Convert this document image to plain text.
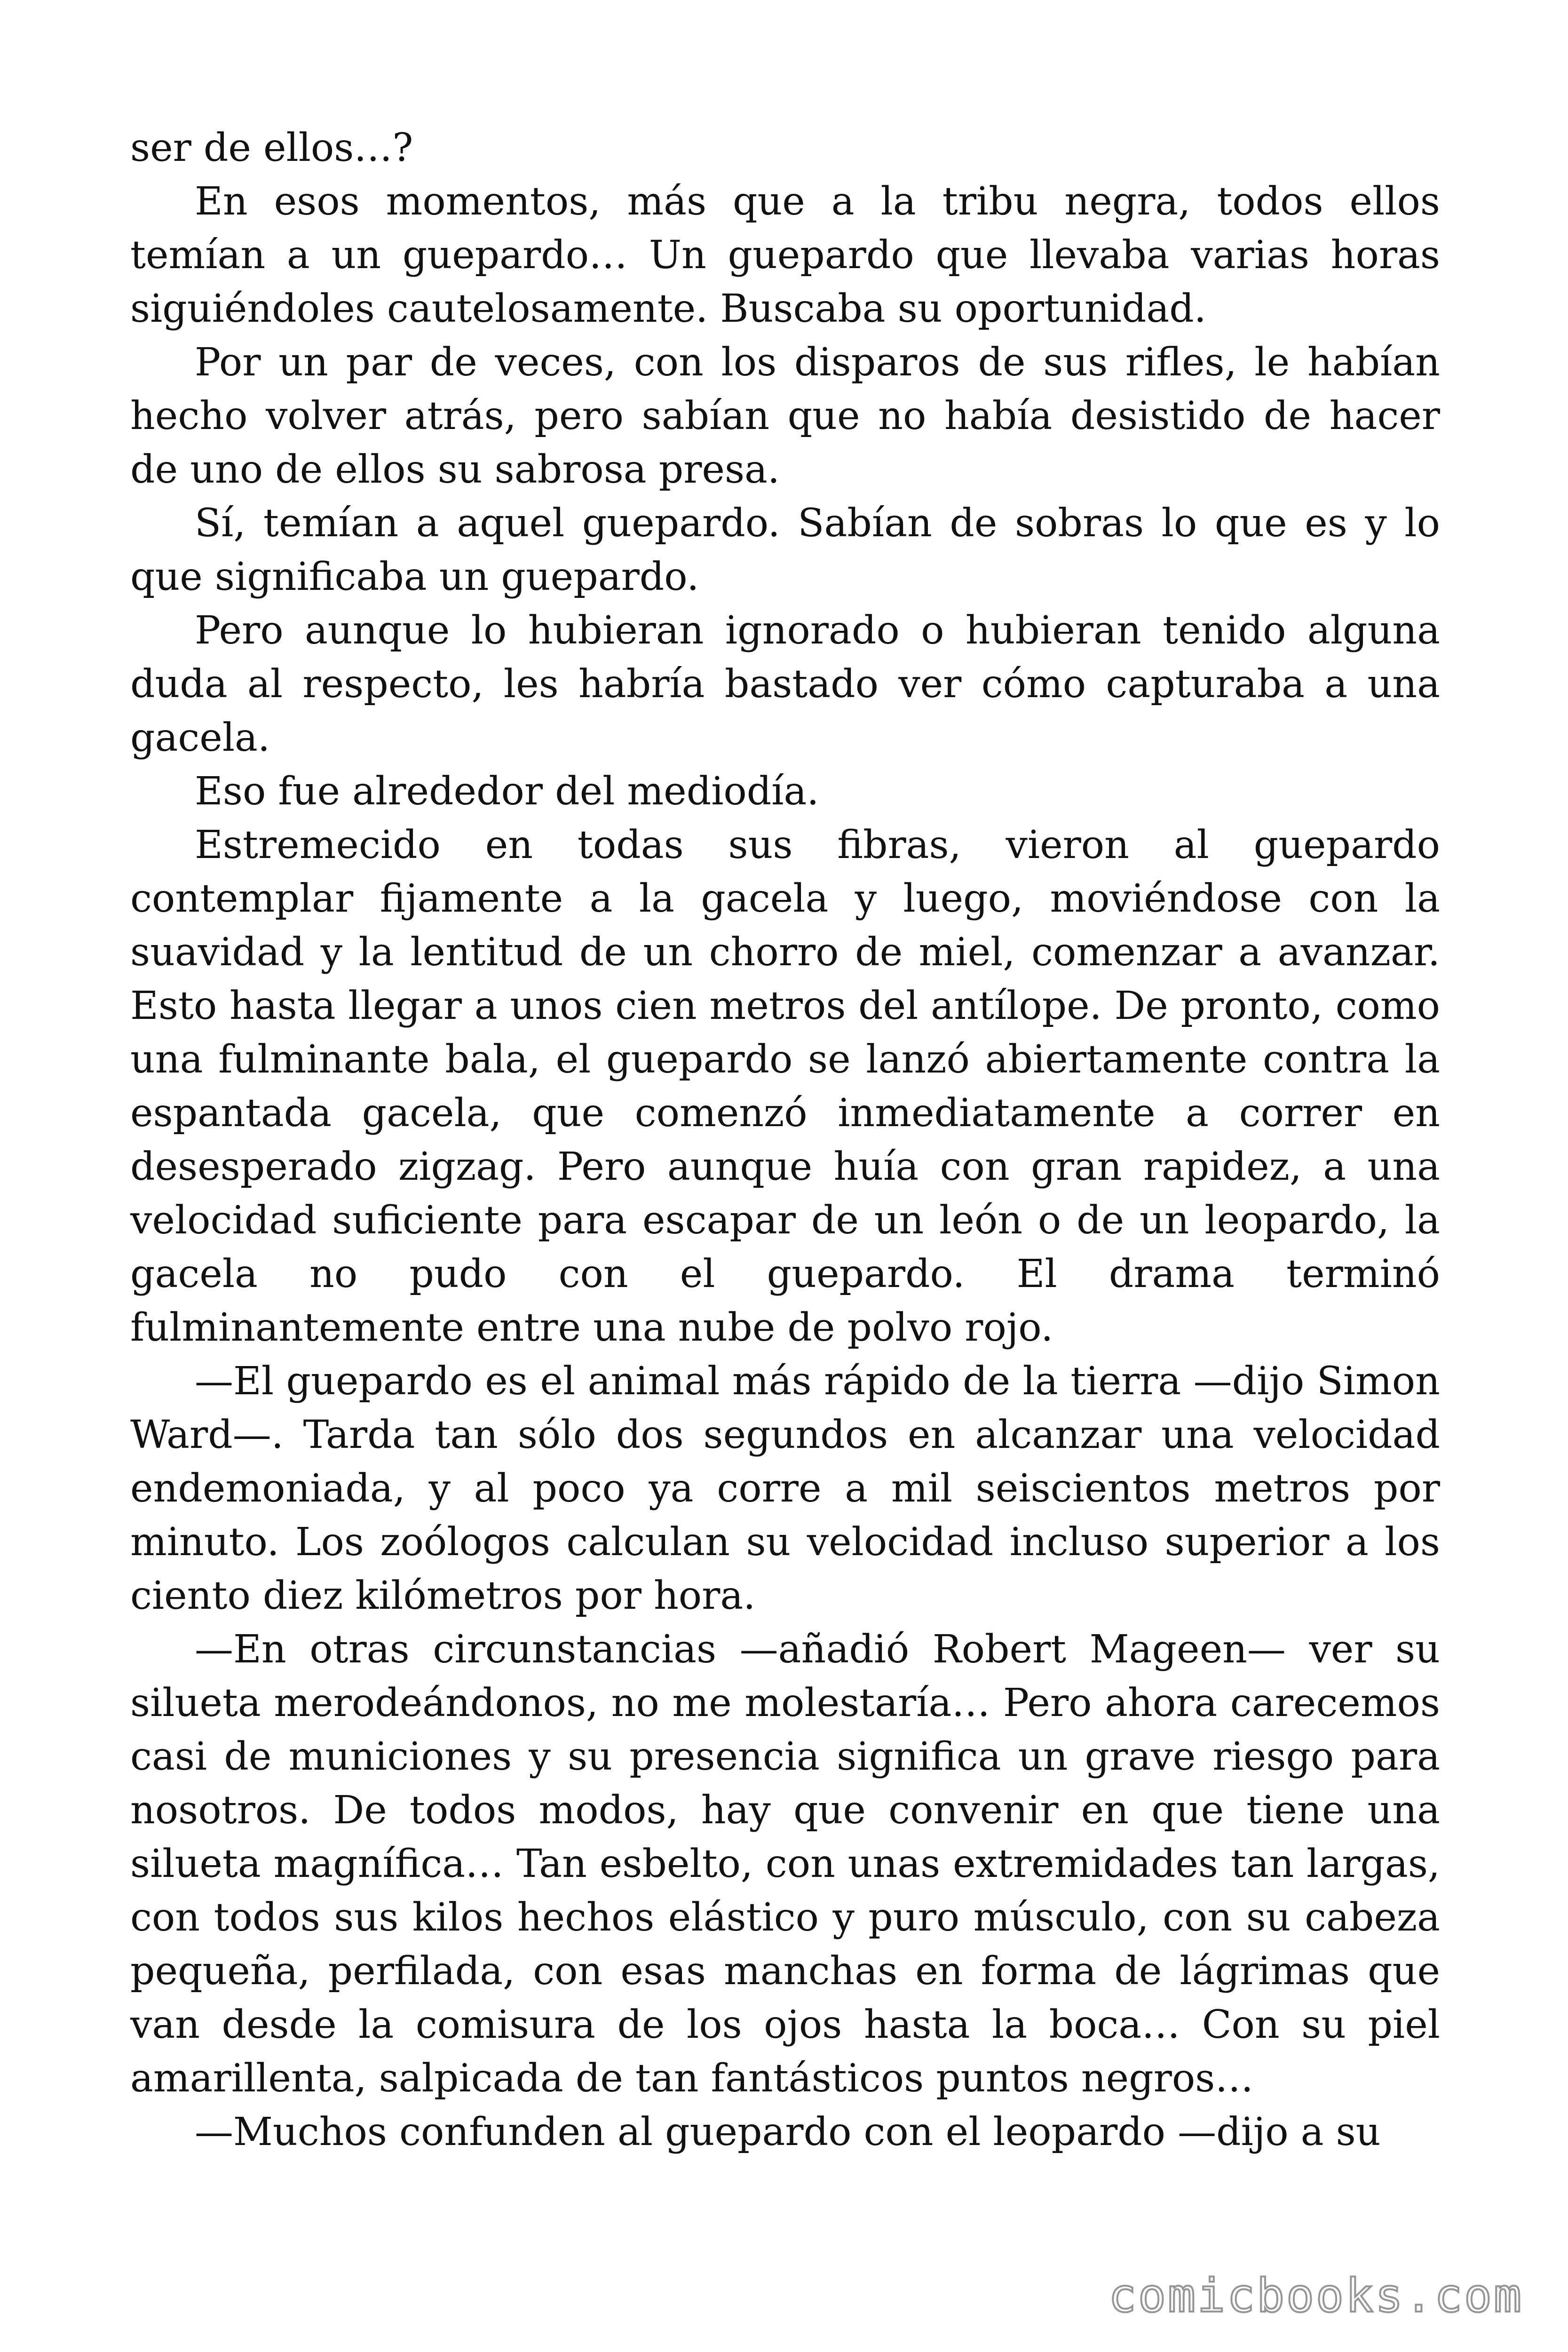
ser de ellos…?

En esos momentos, más que a la tribu negra, todos ellos temían a un guepardo… Un guepardo que llevaba varias horas siguiéndoles cautelosamente. Buscaba su oportunidad.

Por un par de veces, con los disparos de sus rifles, le habían hecho volver atrás, pero sabían que no había desistido de hacer de uno de ellos su sabrosa presa.

Sí, temían a aquel guepardo. Sabían de sobras lo que es y lo que significaba un guepardo.

Pero aunque lo hubieran ignorado o hubieran tenido alguna duda al respecto, les habría bastado ver cómo capturaba a una gacela.

Eso fue alrededor del mediodía.

Estremecido en todas sus fibras, vieron al guepardo contemplar fijamente a la gacela y luego, moviéndose con la suavidad y la lentitud de un chorro de miel, comenzar a avanzar. Esto hasta llegar a unos cien metros del antílope. De pronto, como una fulminante bala, el guepardo se lanzó abiertamente contra la espantada gacela, que comenzó inmediatamente a correr en desesperado zigzag. Pero aunque huía con gran rapidez, a una velocidad suficiente para escapar de un león o de un leopardo, la gacela no pudo con el guepardo. El drama terminó fulminantemente entre una nube de polvo rojo.

—El guepardo es el animal más rápido de la tierra —dijo Simon Ward—. Tarda tan sólo dos segundos en alcanzar una velocidad endemoniada, y al poco ya corre a mil seiscientos metros por minuto. Los zoólogos calculan su velocidad incluso superior a los ciento diez kilómetros por hora.

—En otras circunstancias —añadió Robert Mageen— ver su silueta merodeándonos, no me molestaría… Pero ahora carecemos casi de municiones y su presencia significa un grave riesgo para nosotros. De todos modos, hay que convenir en que tiene una silueta magnífica… Tan esbelto, con unas extremidades tan largas, con todos sus kilos hechos elástico y puro músculo, con su cabeza pequeña, perfilada, con esas manchas en forma de lágrimas que van desde la comisura de los ojos hasta la boca… Con su piel amarillenta, salpicada de tan fantásticos puntos negros…

—Muchos confunden al guepardo con el leopardo —dijo a su

comicbooks.com
